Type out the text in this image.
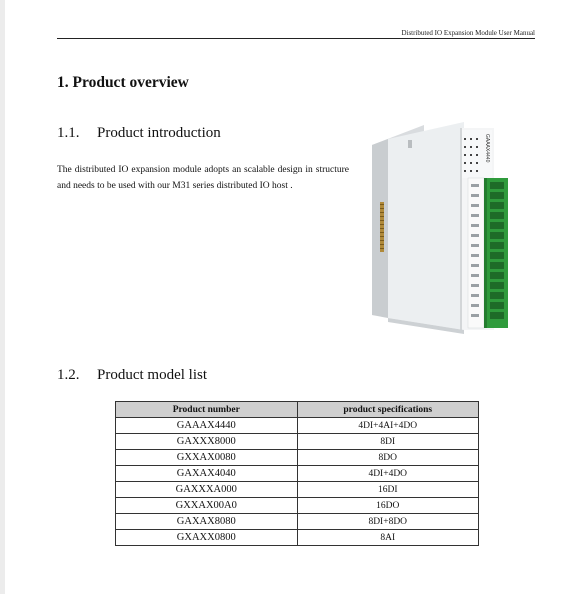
Distributed IO Expansion Module User Manual
1. Product overview
1.1. Product introduction
The distributed IO expansion module adopts an scalable design in structure and needs to be used with our M31 series distributed IO host .
GAAAX4440
1.2. Product model list
Product number	product specifications
GAAAX4440	4DI+4AI+4DO
GAXXX8000	8DI
GXXAX0080	8DO
GAXAX4040	4DI+4DO
GAXXXA000	16DI
GXXAX00A0	16DO
GAXAX8080	8DI+8DO
GXAXX0800	8AI
